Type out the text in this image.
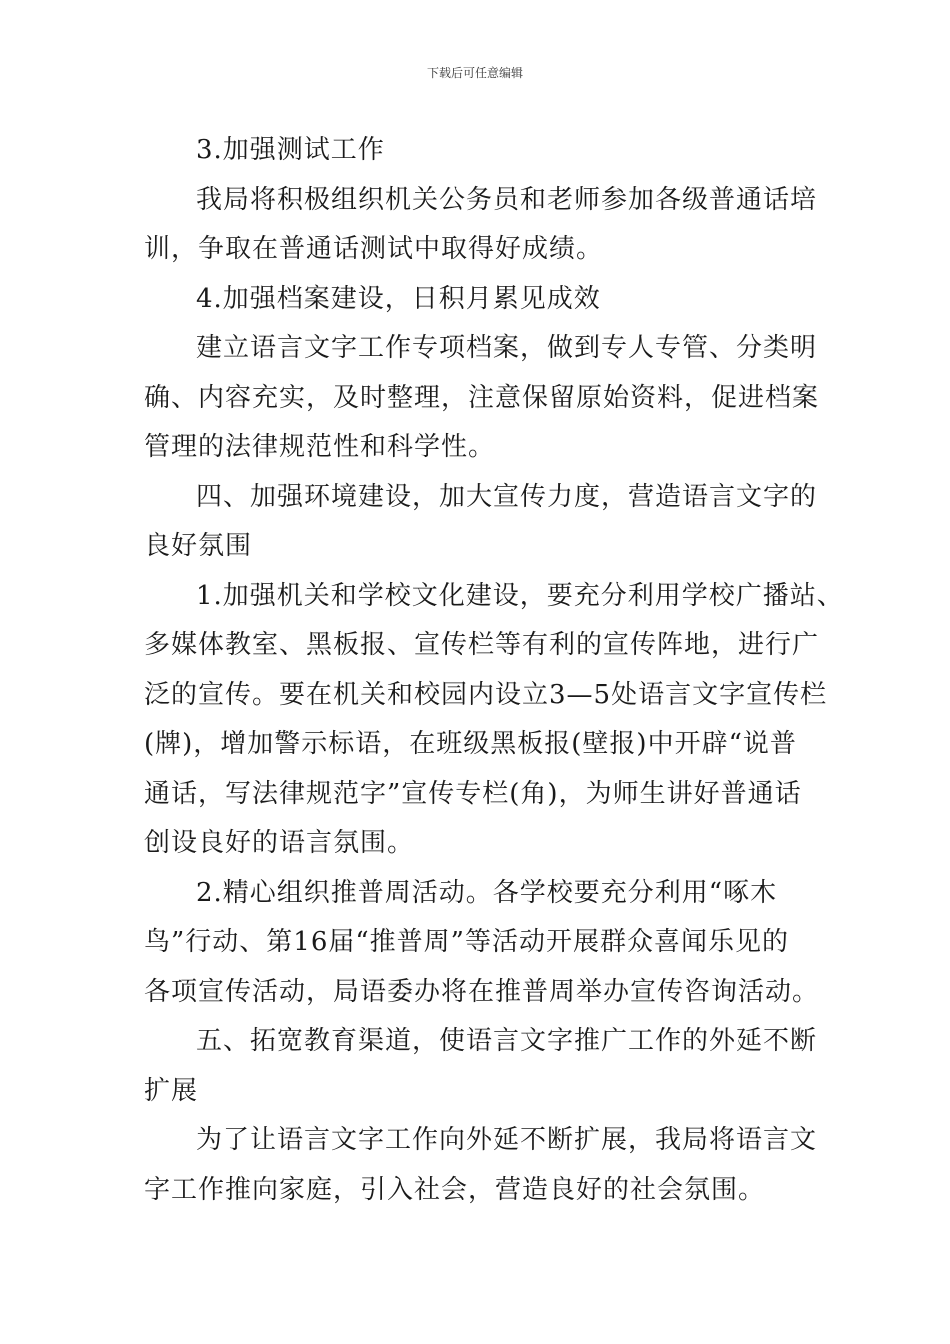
下载后可任意编辑
3.加强测试工作
我局将积极组织机关公务员和老师参加各级普通话培
训，争取在普通话测试中取得好成绩。
4.加强档案建设，日积月累见成效
建立语言文字工作专项档案，做到专人专管、分类明
确、内容充实，及时整理，注意保留原始资料，促进档案
管理的法律规范性和科学性。
四、加强环境建设，加大宣传力度，营造语言文字的
良好氛围
1.加强机关和学校文化建设，要充分利用学校广播站、
多媒体教室、黑板报、宣传栏等有利的宣传阵地，进行广
泛的宣传。要在机关和校园内设立3—5处语言文字宣传栏
(牌)，增加警示标语，在班级黑板报(壁报)中开辟“说普
通话，写法律规范字”宣传专栏(角)，为师生讲好普通话
创设良好的语言氛围。
2.精心组织推普周活动。各学校要充分利用“啄木
鸟”行动、第16届“推普周”等活动开展群众喜闻乐见的
各项宣传活动，局语委办将在推普周举办宣传咨询活动。
五、拓宽教育渠道，使语言文字推广工作的外延不断
扩展
为了让语言文字工作向外延不断扩展，我局将语言文
字工作推向家庭，引入社会，营造良好的社会氛围。
